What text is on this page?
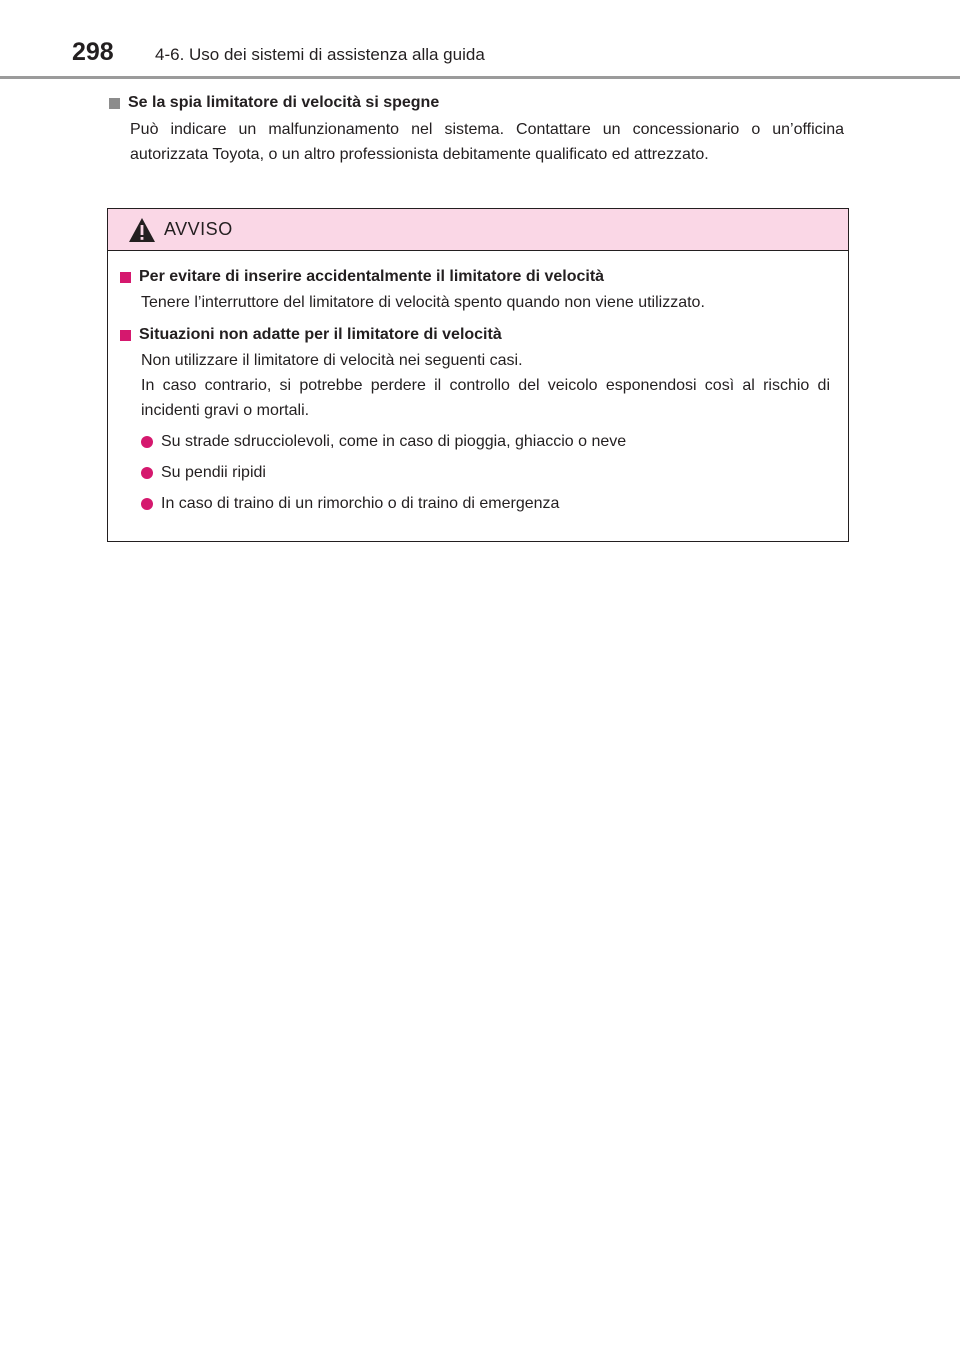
298 4-6. Uso dei sistemi di assistenza alla guida

Se la spia limitatore di velocità si spegne

Può indicare un malfunzionamento nel sistema. Contattare un concessionario o un’officina autorizzata Toyota, o un altro professionista debitamente qualificato ed attrezzato.

AVVISO

Per evitare di inserire accidentalmente il limitatore di velocità

Tenere l’interruttore del limitatore di velocità spento quando non viene utilizzato.

Situazioni non adatte per il limitatore di velocità

Non utilizzare il limitatore di velocità nei seguenti casi.

In caso contrario, si potrebbe perdere il controllo del veicolo esponendosi così al rischio di incidenti gravi o mortali.

Su strade sdrucciolevoli, come in caso di pioggia, ghiaccio o neve
Su pendii ripidi
In caso di traino di un rimorchio o di traino di emergenza
